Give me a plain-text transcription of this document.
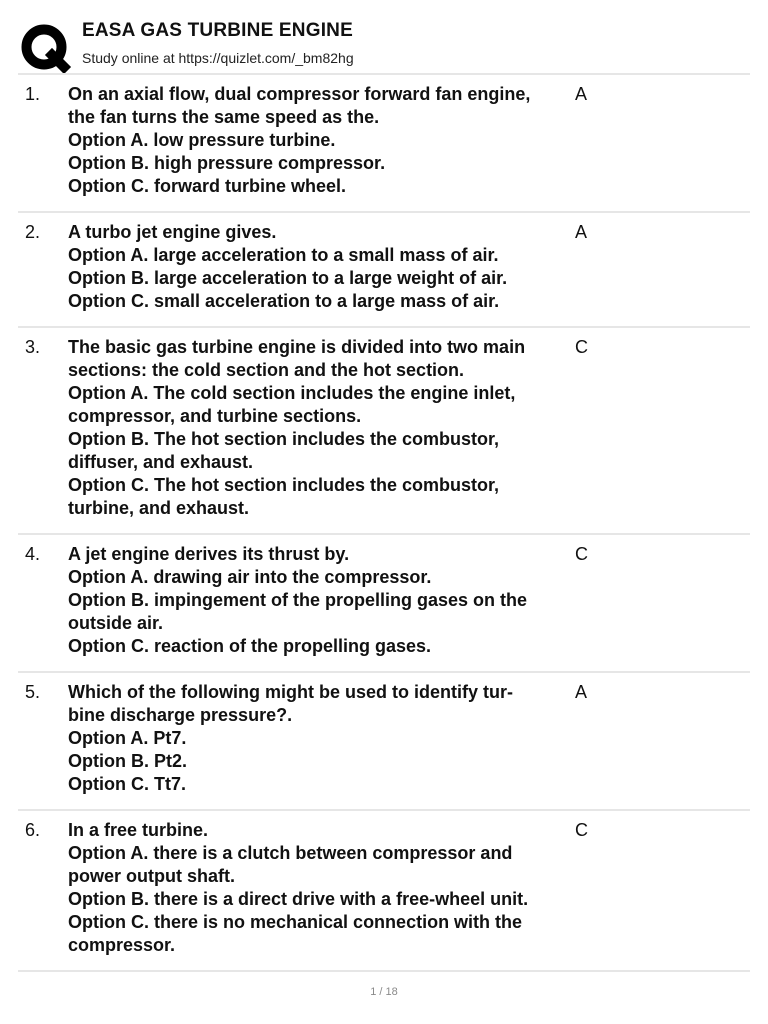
EASA GAS TURBINE ENGINE
Study online at https://quizlet.com/_bm82hg
1. On an axial flow, dual compressor forward fan engine,
the fan turns the same speed as the.
Option A. low pressure turbine.
Option B. high pressure compressor.
Option C. forward turbine wheel.
A
2. A turbo jet engine gives.
Option A. large acceleration to a small mass of air.
Option B. large acceleration to a large weight of air.
Option C. small acceleration to a large mass of air.
A
3. The basic gas turbine engine is divided into two main
sections: the cold section and the hot section.
Option A. The cold section includes the engine inlet,
compressor, and turbine sections.
Option B. The hot section includes the combustor,
diffuser, and exhaust.
Option C. The hot section includes the combustor,
turbine, and exhaust.
C
4. A jet engine derives its thrust by.
Option A. drawing air into the compressor.
Option B. impingement of the propelling gases on the
outside air.
Option C. reaction of the propelling gases.
C
5. Which of the following might be used to identify tur-
bine discharge pressure?.
Option A. Pt7.
Option B. Pt2.
Option C. Tt7.
A
6. In a free turbine.
Option A. there is a clutch between compressor and
power output shaft.
Option B. there is a direct drive with a free-wheel unit.
Option C. there is no mechanical connection with the
compressor.
C
1 / 18
